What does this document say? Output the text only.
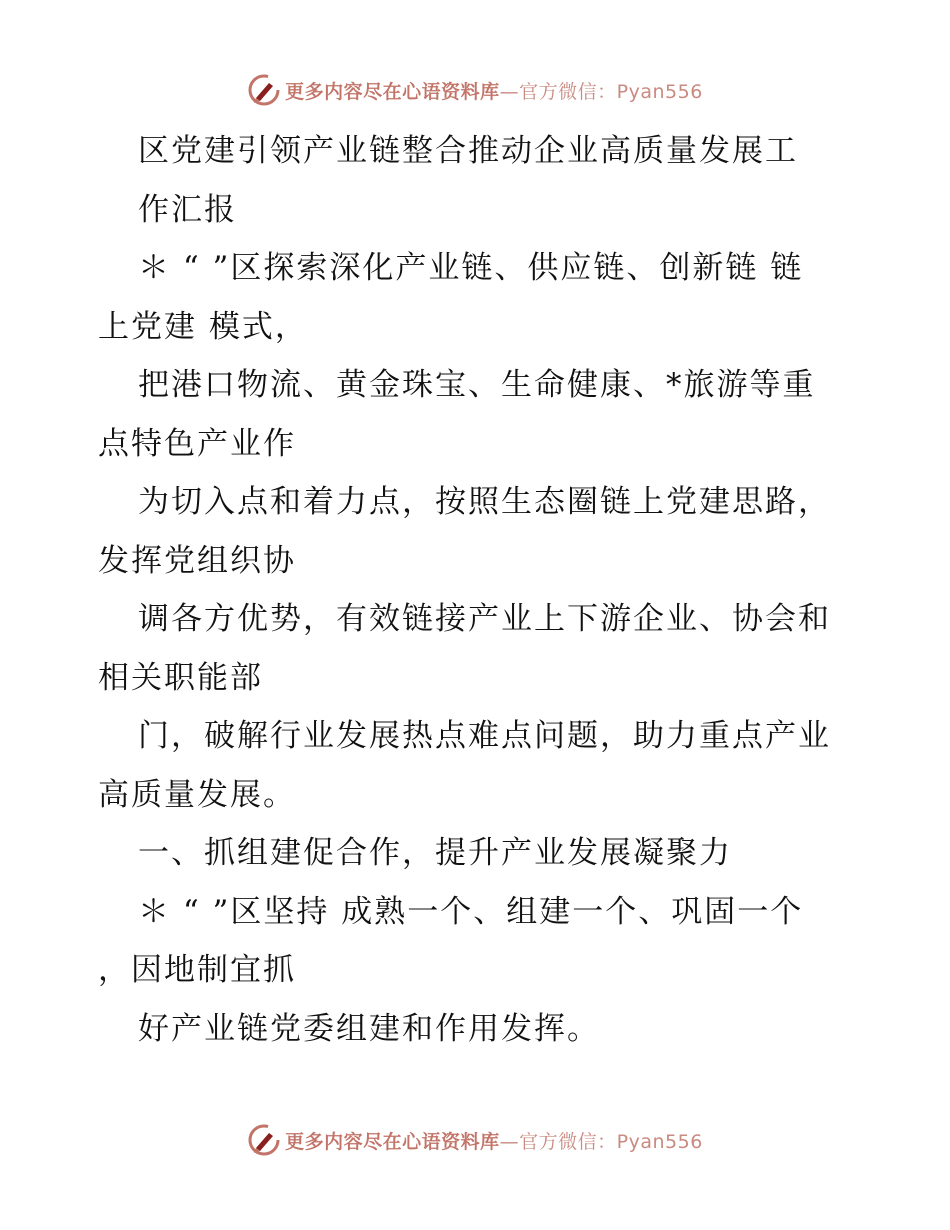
更多内容尽在心语资料库—官方微信：Pyan556
区党建引领产业链整合推动企业高质量发展工
作汇报
＊ “ ”区探索深化产业链、供应链、创新链 链
上党建 模式，
把港口物流、黄金珠宝、生命健康、*旅游等重
点特色产业作
为切入点和着力点，按照生态圈链上党建思路，
发挥党组织协
调各方优势，有效链接产业上下游企业、协会和
相关职能部
门，破解行业发展热点难点问题，助力重点产业
高质量发展。
一、抓组建促合作，提升产业发展凝聚力
＊ “ ”区坚持 成熟一个、组建一个、巩固一个
，因地制宜抓
好产业链党委组建和作用发挥。
更多内容尽在心语资料库—官方微信：Pyan556
